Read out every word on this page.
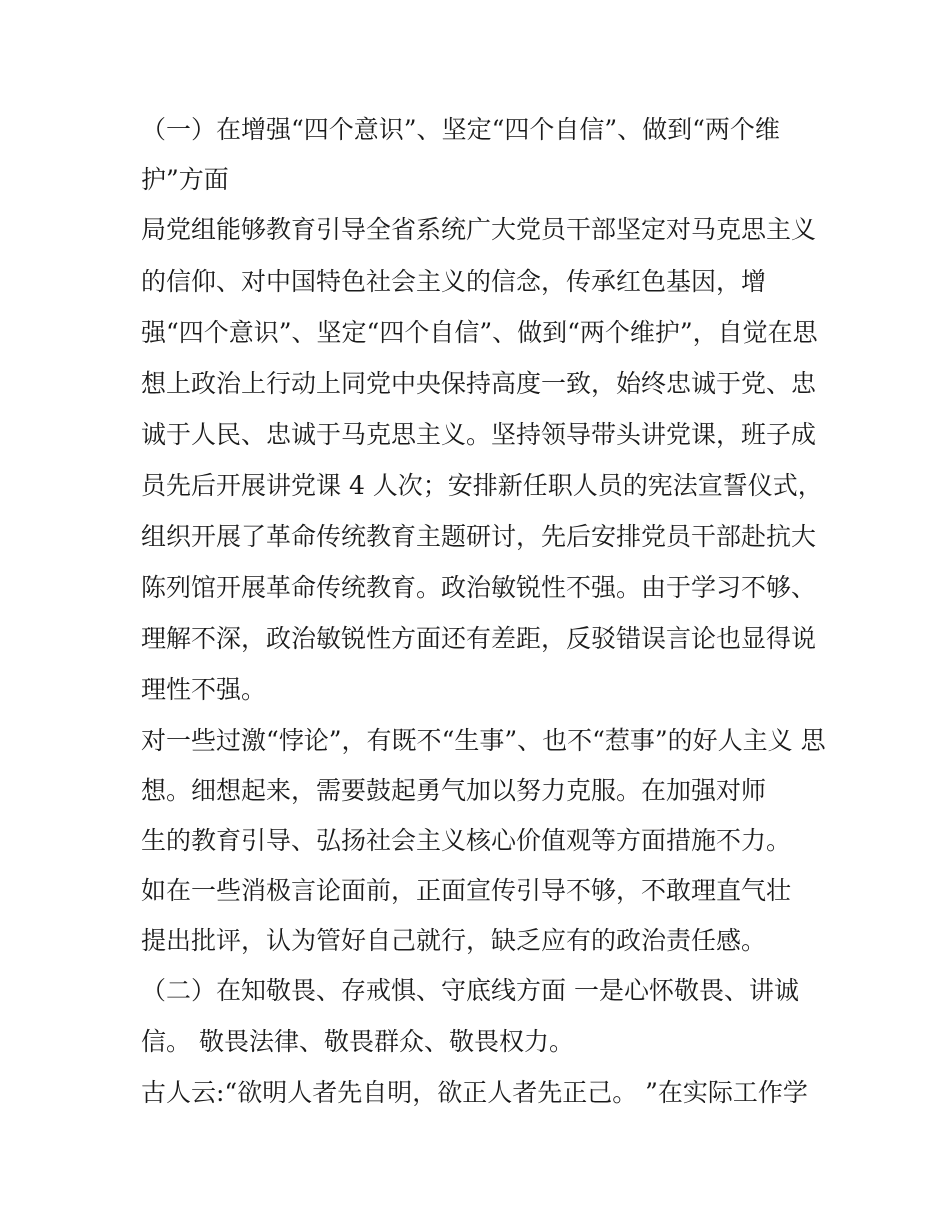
（一）在增强“四个意识”、坚定“四个自信”、做到“两个维

护”方面

局党组能够教育引导全省系统广大党员干部坚定对马克思主义

的信仰、对中国特色社会主义的信念，传承红色基因，增

强“四个意识”、坚定“四个自信”、做到“两个维护”，自觉在思

想上政治上行动上同党中央保持高度一致，始终忠诚于党、忠

诚于人民、忠诚于马克思主义。坚持领导带头讲党课，班子成

员先后开展讲党课 4 人次；安排新任职人员的宪法宣誓仪式，

组织开展了革命传统教育主题研讨，先后安排党员干部赴抗大

陈列馆开展革命传统教育。政治敏锐性不强。由于学习不够、

理解不深，政治敏锐性方面还有差距，反驳错误言论也显得说

理性不强。

对一些过激“悖论”，有既不“生事”、也不“惹事”的好人主义 思

想。细想起来，需要鼓起勇气加以努力克服。在加强对师

生的教育引导、弘扬社会主义核心价值观等方面措施不力。

如在一些消极言论面前，正面宣传引导不够，不敢理直气壮

提出批评，认为管好自己就行，缺乏应有的政治责任感。

（二）在知敬畏、存戒惧、守底线方面 一是心怀敬畏、讲诚

信。 敬畏法律、敬畏群众、敬畏权力。

古人云:“欲明人者先自明，欲正人者先正己。 ”在实际工作学
